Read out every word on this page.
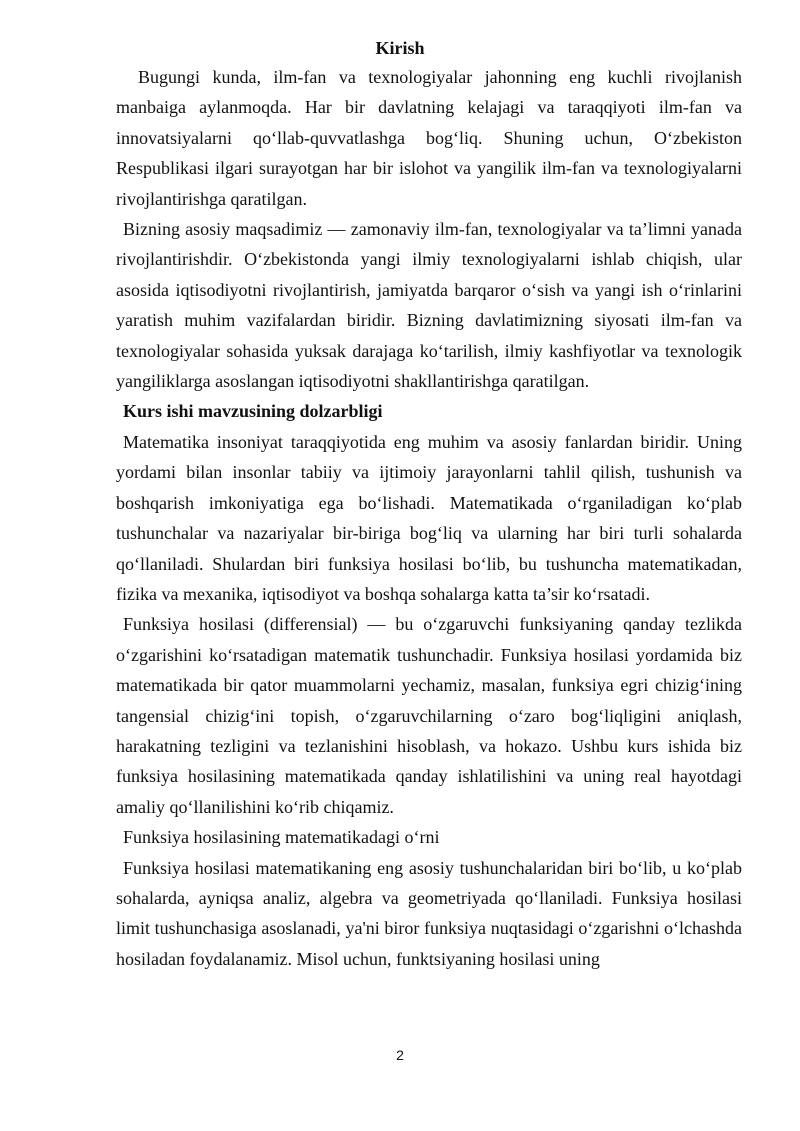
Kirish

Bugungi kunda, ilm-fan va texnologiyalar jahonning eng kuchli rivojlanish manbaiga aylanmoqda. Har bir davlatning kelajagi va taraqqiyoti ilm-fan va innovatsiyalarni qo‘llab-quvvatlashga bog‘liq. Shuning uchun, O‘zbekiston Respublikasi ilgari surayotgan har bir islohot va yangilik ilm-fan va texnologiyalarni rivojlantirishga qaratilgan.

Bizning asosiy maqsadimiz — zamonaviy ilm-fan, texnologiyalar va ta’limni yanada rivojlantirishdir. O‘zbekistonda yangi ilmiy texnologiyalarni ishlab chiqish, ular asosida iqtisodiyotni rivojlantirish, jamiyatda barqaror o‘sish va yangi ish o‘rinlarini yaratish muhim vazifalardan biridir. Bizning davlatimizning siyosati ilm-fan va texnologiyalar sohasida yuksak darajaga ko‘tarilish, ilmiy kashfiyotlar va texnologik yangiliklarga asoslangan iqtisodiyotni shakllantirishga qaratilgan.

Kurs ishi mavzusining dolzarbligi

Matematika insoniyat taraqqiyotida eng muhim va asosiy fanlardan biridir. Uning yordami bilan insonlar tabiiy va ijtimoiy jarayonlarni tahlil qilish, tushunish va boshqarish imkoniyatiga ega bo‘lishadi. Matematikada o‘rganiladigan ko‘plab tushunchalar va nazariyalar bir-biriga bog‘liq va ularning har biri turli sohalarda qo‘llaniladi. Shulardan biri funksiya hosilasi bo‘lib, bu tushuncha matematikadan, fizika va mexanika, iqtisodiyot va boshqa sohalarga katta ta’sir ko‘rsatadi.

Funksiya hosilasi (differensial) — bu o‘zgaruvchi funksiyaning qanday tezlikda o‘zgarishini ko‘rsatadigan matematik tushunchadir. Funksiya hosilasi yordamida biz matematikada bir qator muammolarni yechamiz, masalan, funksiya egri chizig‘ining tangensial chizig‘ini topish, o‘zgaruvchilarning o‘zaro bog‘liqligini aniqlash, harakatning tezligini va tezlanishini hisoblash, va hokazo. Ushbu kurs ishida biz funksiya hosilasining matematikada qanday ishlatilishini va uning real hayotdagi amaliy qo‘llanilishini ko‘rib chiqamiz.

Funksiya hosilasining matematikadagi o‘rni

Funksiya hosilasi matematikaning eng asosiy tushunchalaridan biri bo‘lib, u ko‘plab sohalarda, ayniqsa analiz, algebra va geometriyada qo‘llaniladi. Funksiya hosilasi limit tushunchasiga asoslanadi, ya'ni biror funksiya nuqtasidagi o‘zgarishni o‘lchashda hosiladan foydalanamiz. Misol uchun, funktsiyaning hosilasi uning

2
